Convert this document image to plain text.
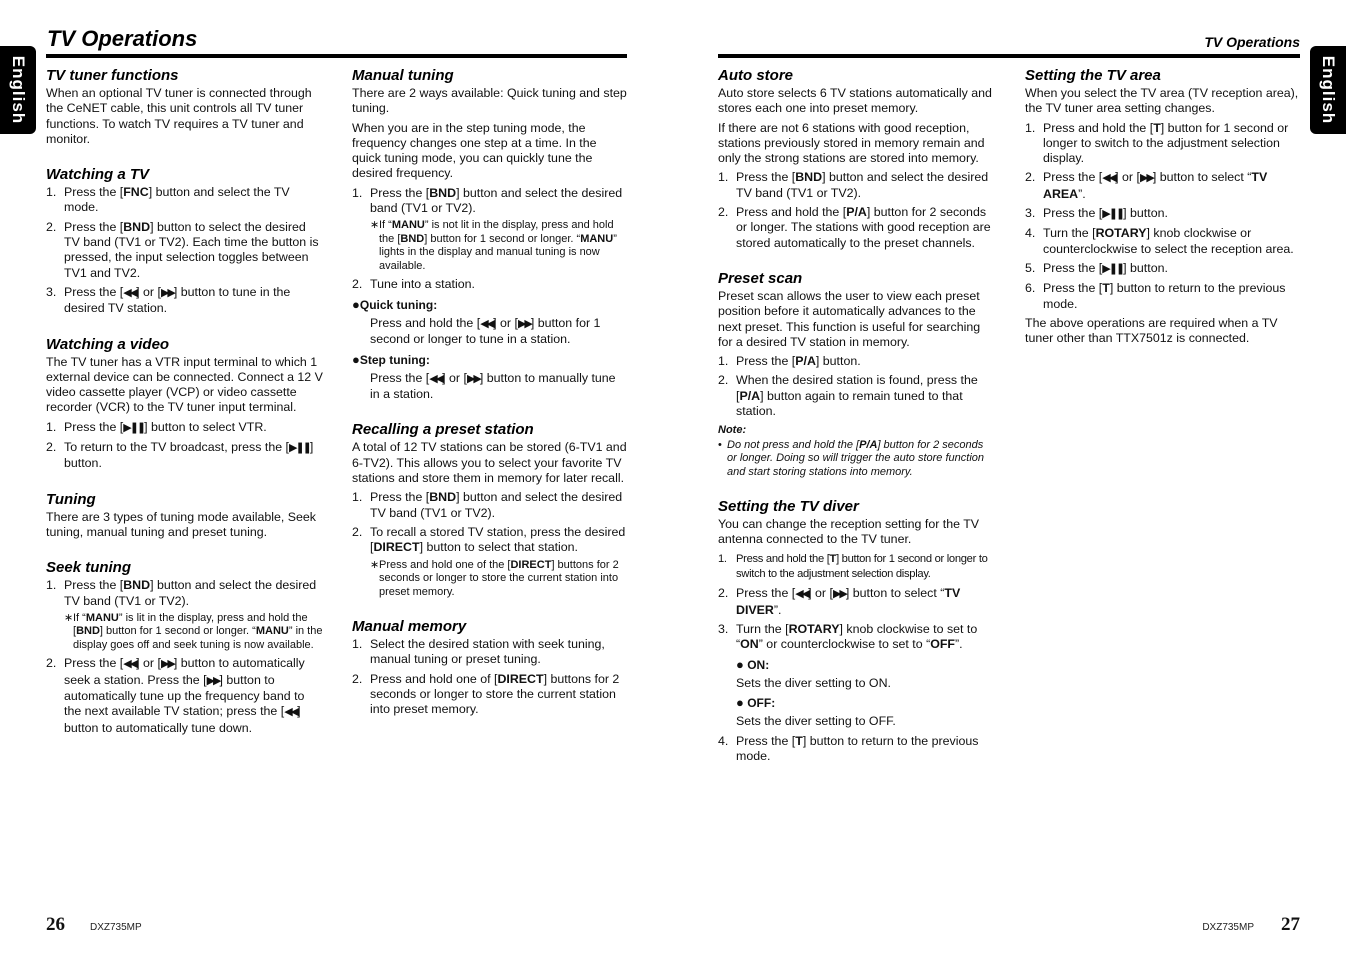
TV Operations	TV Operations
English	English
TV tuner functions

When an optional TV tuner is connected through the CeNET cable, this unit controls all TV tuner functions. To watch TV requires a TV tuner and monitor.

Watching a TV
1. Press the [FNC] button and select the TV mode.
2. Press the [BND] button to select the desired TV band (TV1 or TV2). Each time the button is pressed, the input selection toggles between TV1 and TV2.
3. Press the [◀◀] or [▶▶] button to tune in the desired TV station.
Watching a video

The TV tuner has a VTR input terminal to which 1 external device can be connected. Connect a 12 V video cassette player (VCP) or video cassette recorder (VCR) to the TV tuner input terminal.

1. Press the [▶❚❚] button to select VTR.
2. To return to the TV broadcast, press the [▶❚❚] button.
Tuning

There are 3 types of tuning mode available, Seek tuning, manual tuning and preset tuning.

Seek tuning
1. Press the [BND] button and select the desired TV band (TV1 or TV2).
∗ If “MANU” is lit in the display, press and hold the [BND] button for 1 second or longer. “MANU” in the display goes off and seek tuning is now available.
2. Press the [◀◀] or [▶▶] button to automatically seek a station. Press the [▶▶] button to automatically tune up the frequency band to the next available TV station; press the [◀◀] button to automatically tune down.
Manual tuning

There are 2 ways available: Quick tuning and step tuning.

When you are in the step tuning mode, the frequency changes one step at a time. In the quick tuning mode, you can quickly tune the desired frequency.

1. Press the [BND] button and select the desired band (TV1 or TV2).
∗ If “MANU” is not lit in the display, press and hold the [BND] button for 1 second or longer. “MANU” lights in the display and manual tuning is now available.
2. Tune into a station.
●Quick tuning:
Press and hold the [◀◀] or [▶▶] button for 1 second or longer to tune in a station.
●Step tuning:
Press the [◀◀] or [▶▶] button to manually tune in a station.
Recalling a preset station

A total of 12 TV stations can be stored (6-TV1 and 6-TV2). This allows you to select your favorite TV stations and store them in memory for later recall.

1. Press the [BND] button and select the desired TV band (TV1 or TV2).
2. To recall a stored TV station, press the desired [DIRECT] button to select that station.
∗ Press and hold one of the [DIRECT] buttons for 2 seconds or longer to store the current station into preset memory.
Manual memory
1. Select the desired station with seek tuning, manual tuning or preset tuning.
2. Press and hold one of [DIRECT] buttons for 2 seconds or longer to store the current station into preset memory.
Auto store

Auto store selects 6 TV stations automatically and stores each one into preset memory.

If there are not 6 stations with good reception, stations previously stored in memory remain and only the strong stations are stored into memory.

1. Press the [BND] button and select the desired TV band (TV1 or TV2).
2. Press and hold the [P/A] button for 2 seconds or longer. The stations with good reception are stored automatically to the preset channels.
Preset scan

Preset scan allows the user to view each preset position before it automatically advances to the next preset. This function is useful for searching for a desired TV station in memory.

1. Press the [P/A] button.
2. When the desired station is found, press the [P/A] button again to remain tuned to that station.
Note:
• Do not press and hold the [P/A] button for 2 seconds or longer. Doing so will trigger the auto store function and start storing stations into memory.
Setting the TV diver

You can change the reception setting for the TV antenna connected to the TV tuner.

1. Press and hold the [T] button for 1 second or longer to switch to the adjustment selection display.
2. Press the [◀◀] or [▶▶] button to select “TV DIVER”.
3. Turn the [ROTARY] knob clockwise to set to “ON” or counterclockwise to set to “OFF”.
● ON:
Sets the diver setting to ON.
● OFF:
Sets the diver setting to OFF.
4. Press the [T] button to return to the previous mode.
Setting the TV area

When you select the TV area (TV reception area), the TV tuner area setting changes.

1. Press and hold the [T] button for 1 second or longer to switch to the adjustment selection display.
2. Press the [◀◀] or [▶▶] button to select “TV AREA”.
3. Press the [▶❚❚] button.
4. Turn the [ROTARY] knob clockwise or counterclockwise to select the reception area.
5. Press the [▶❚❚] button.
6. Press the [T] button to return to the previous mode.

The above operations are required when a TV tuner other than TTX7501z is connected.

26	DXZ735MP	DXZ735MP 27
